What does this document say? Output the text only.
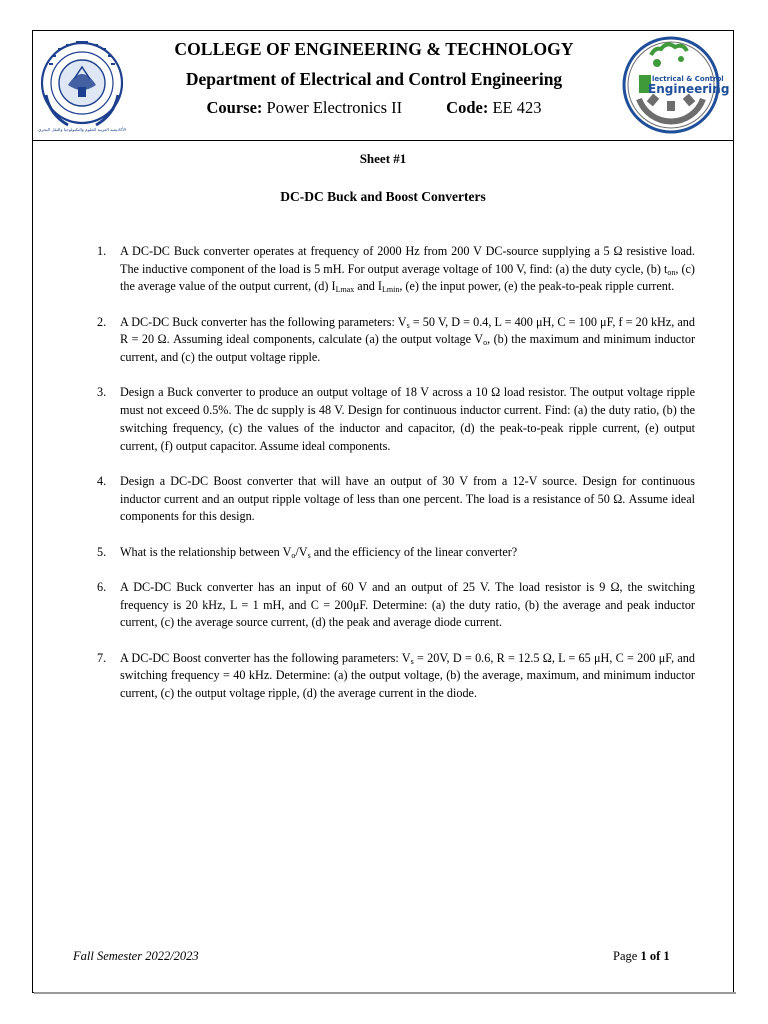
الأكاديمية العربية للعلوم والتكنولوجيا والنقل البحري
COLLEGE OF ENGINEERING & TECHNOLOGY
Department of Electrical and Control Engineering
Course: Power Electronics II	Code: EE 423
lectrical & Control
Engineering
Sheet #1
DC-DC Buck and Boost Converters
1. A DC-DC Buck converter operates at frequency of 2000 Hz from 200 V DC-source supplying a 5 Ω resistive load. The inductive component of the load is 5 mH. For output average voltage of 100 V, find: (a) the duty cycle, (b) $t_{on}$, (c) the average value of the output current, (d) $I_{Lmax}$ and $I_{Lmin}$, (e) the input power, (e) the peak-to-peak ripple current.
2. A DC-DC Buck converter has the following parameters: $V_s = 50$ V, D = 0.4, L = 400 μH, C = 100 μF, f = 20 kHz, and R = 20 Ω. Assuming ideal components, calculate (a) the output voltage $V_o$, (b) the maximum and minimum inductor current, and (c) the output voltage ripple.
3. Design a Buck converter to produce an output voltage of 18 V across a 10 Ω load resistor. The output voltage ripple must not exceed 0.5%. The dc supply is 48 V. Design for continuous inductor current. Find: (a) the duty ratio, (b) the switching frequency, (c) the values of the inductor and capacitor, (d) the peak-to-peak ripple current, (e) output current, (f) output capacitor. Assume ideal components.
4. Design a DC-DC Boost converter that will have an output of 30 V from a 12-V source. Design for continuous inductor current and an output ripple voltage of less than one percent. The load is a resistance of 50 Ω. Assume ideal components for this design.
5. What is the relationship between $V_o/V_s$ and the efficiency of the linear converter?
6. A DC-DC Buck converter has an input of 60 V and an output of 25 V. The load resistor is 9 Ω, the switching frequency is 20 kHz, L = 1 mH, and C = 200μF. Determine: (a) the duty ratio, (b) the average and peak inductor current, (c) the average source current, (d) the peak and average diode current.
7. A DC-DC Boost converter has the following parameters: $V_s = 20V$, D = 0.6, R = 12.5 Ω, L = 65 μH, C = 200 μF, and switching frequency = 40 kHz. Determine: (a) the output voltage, (b) the average, maximum, and minimum inductor current, (c) the output voltage ripple, (d) the average current in the diode.
Fall Semester 2022/2023	Page 1 of 1
